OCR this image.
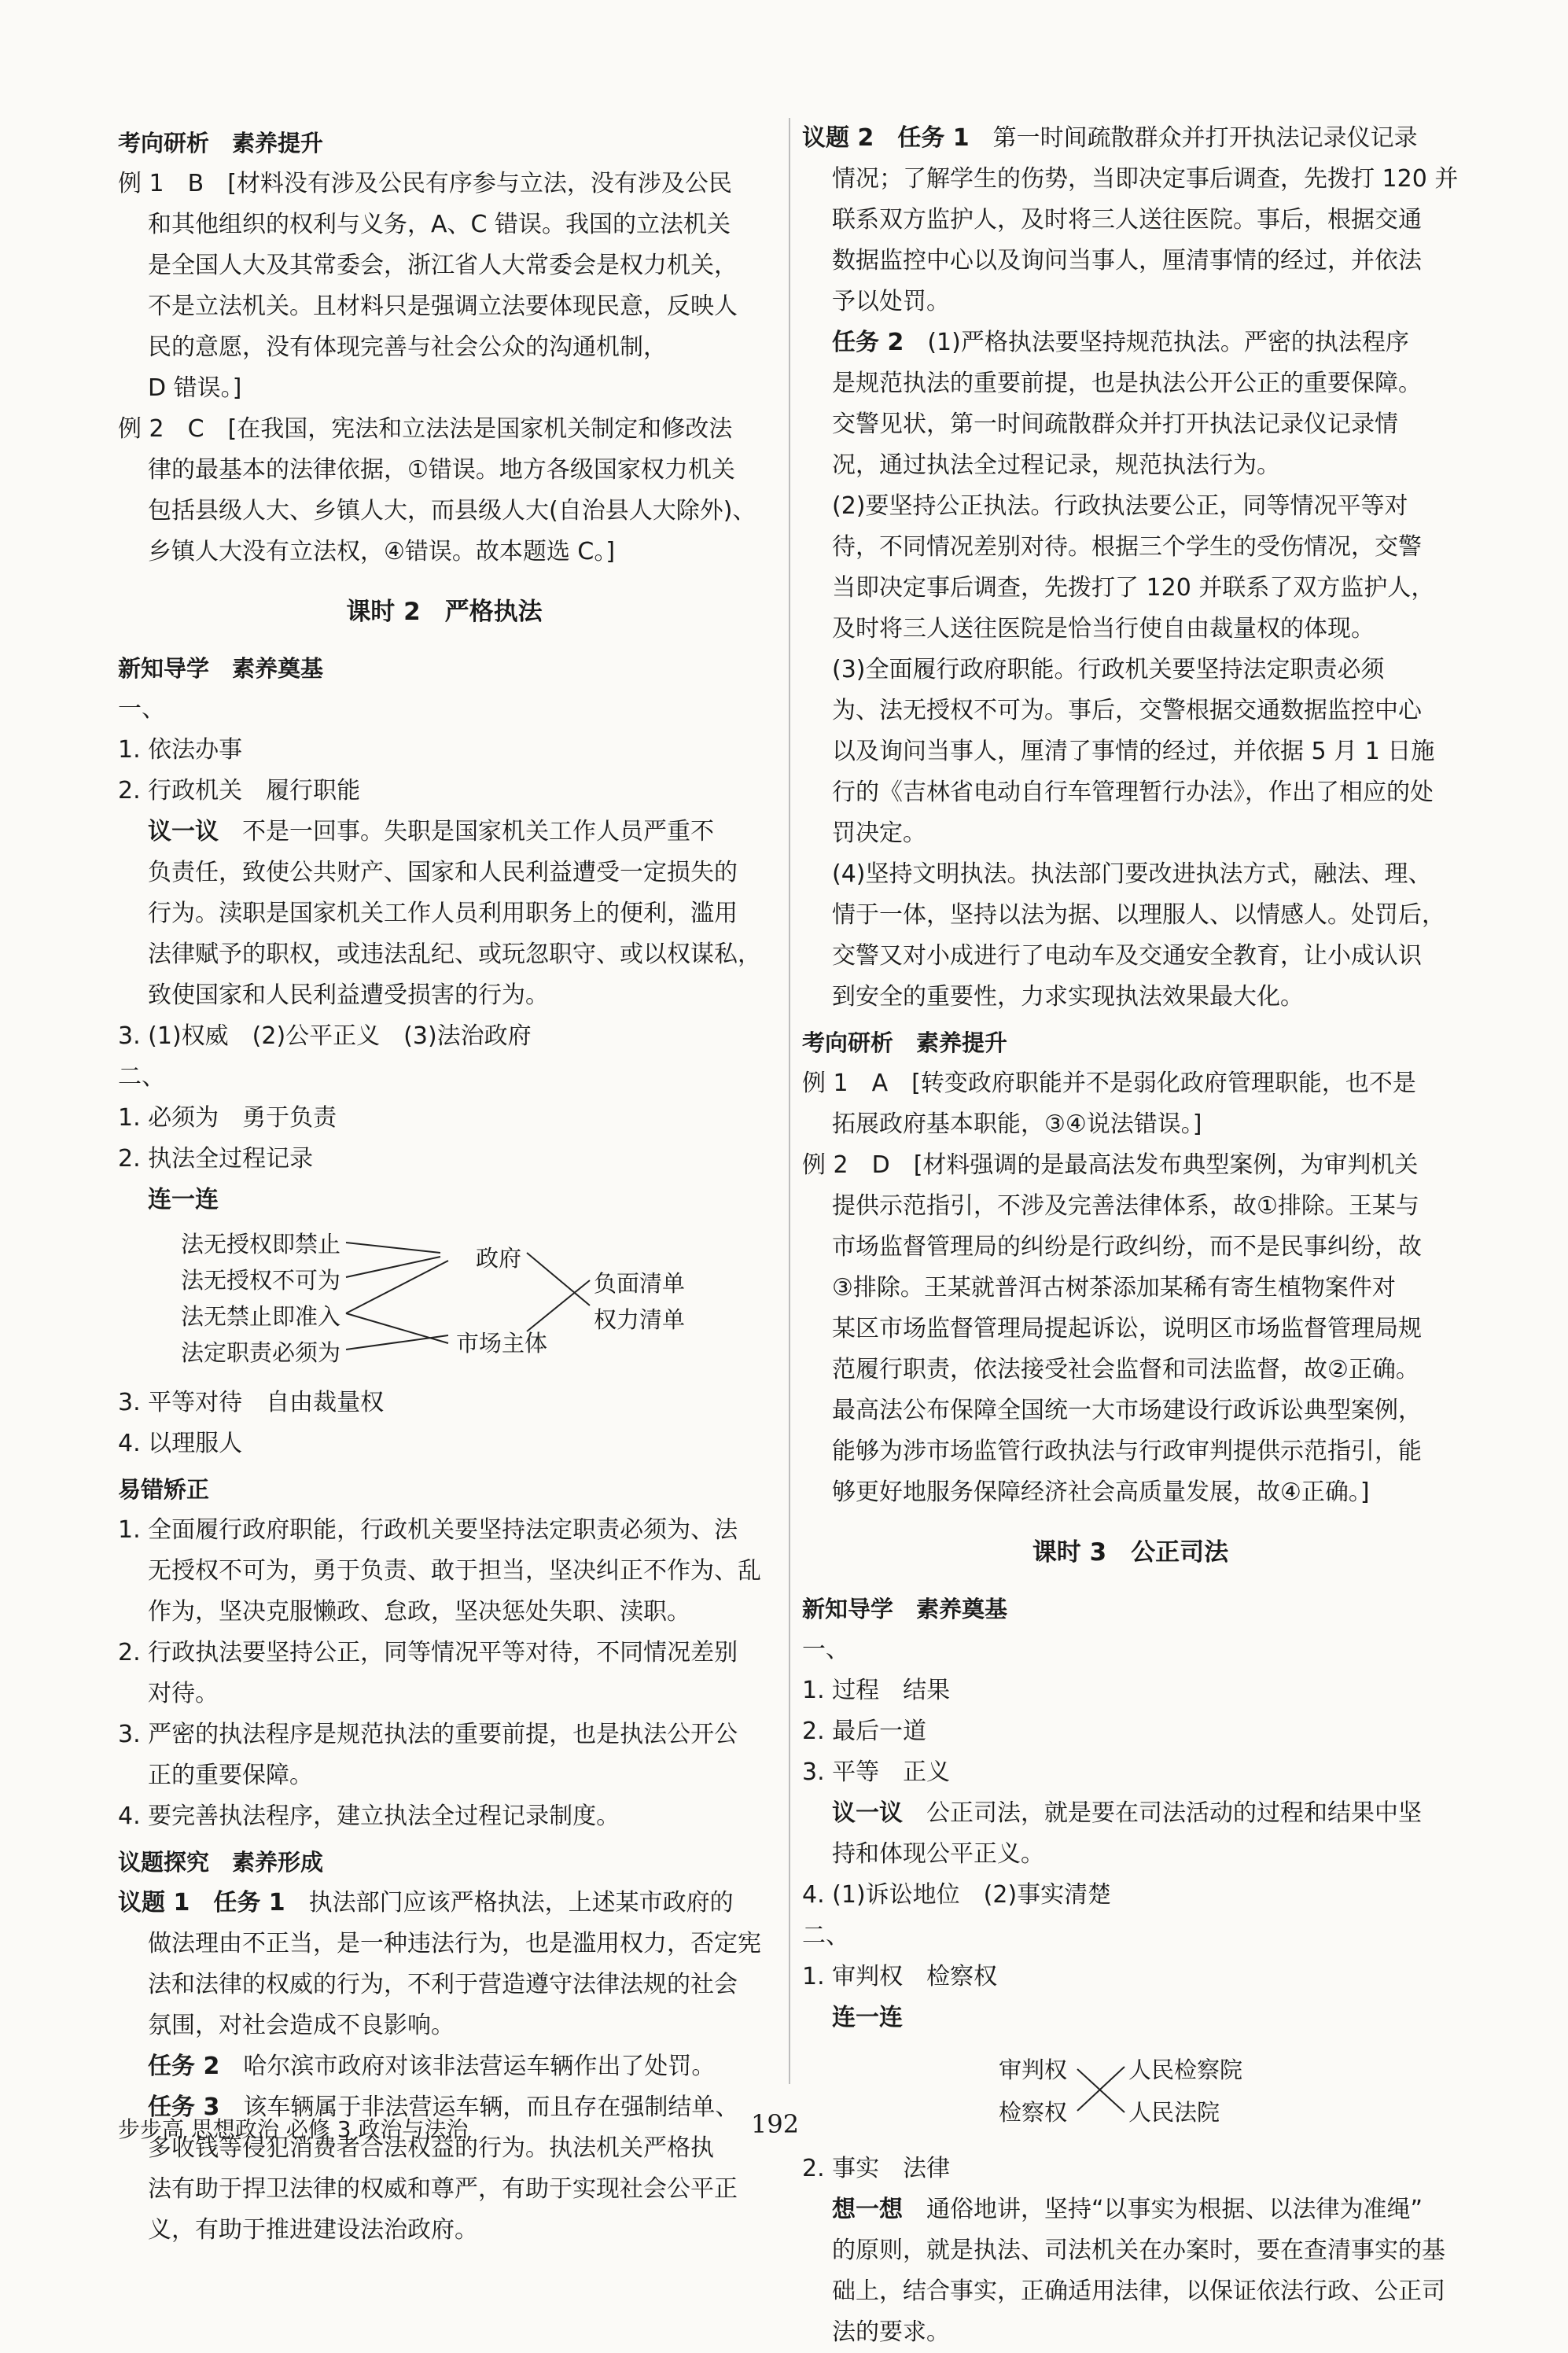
考向研析　素养提升
例 1　B　[材料没有涉及公民有序参与立法，没有涉及公民
和其他组织的权利与义务，A、C 错误。我国的立法机关
是全国人大及其常委会，浙江省人大常委会是权力机关，
不是立法机关。且材料只是强调立法要体现民意，反映人
民的意愿，没有体现完善与社会公众的沟通机制，
D 错误。]
例 2　C　[在我国，宪法和立法法是国家机关制定和修改法
律的最基本的法律依据，①错误。地方各级国家权力机关
包括县级人大、乡镇人大，而县级人大(自治县人大除外)、
乡镇人大没有立法权，④错误。故本题选 C。]
课时 2　严格执法
新知导学　素养奠基
一、
1. 依法办事
2. 行政机关　履行职能
议一议　不是一回事。失职是国家机关工作人员严重不
负责任，致使公共财产、国家和人民利益遭受一定损失的
行为。渎职是国家机关工作人员利用职务上的便利，滥用
法律赋予的职权，或违法乱纪、或玩忽职守、或以权谋私，
致使国家和人民利益遭受损害的行为。
3. (1)权威　(2)公平正义　(3)法治政府
二、
1. 必须为　勇于负责
2. 执法全过程记录
连一连
法无授权即禁止
法无授权不可为
法无禁止即准入
法定职责必须为
政府
市场主体
负面清单
权力清单
3. 平等对待　自由裁量权
4. 以理服人
易错矫正
1. 全面履行政府职能，行政机关要坚持法定职责必须为、法
无授权不可为，勇于负责、敢于担当，坚决纠正不作为、乱
作为，坚决克服懒政、怠政，坚决惩处失职、渎职。
2. 行政执法要坚持公正，同等情况平等对待，不同情况差别
对待。
3. 严密的执法程序是规范执法的重要前提，也是执法公开公
正的重要保障。
4. 要完善执法程序，建立执法全过程记录制度。
议题探究　素养形成
议题 1　任务 1　执法部门应该严格执法，上述某市政府的
做法理由不正当，是一种违法行为，也是滥用权力，否定宪
法和法律的权威的行为，不利于营造遵守法律法规的社会
氛围，对社会造成不良影响。
任务 2　哈尔滨市政府对该非法营运车辆作出了处罚。
任务 3　该车辆属于非法营运车辆，而且存在强制结单、
多收钱等侵犯消费者合法权益的行为。执法机关严格执
法有助于捍卫法律的权威和尊严，有助于实现社会公平正
义，有助于推进建设法治政府。
议题 2　任务 1　第一时间疏散群众并打开执法记录仪记录
情况；了解学生的伤势，当即决定事后调查，先拨打 120 并
联系双方监护人，及时将三人送往医院。事后，根据交通
数据监控中心以及询问当事人，厘清事情的经过，并依法
予以处罚。
任务 2　(1)严格执法要坚持规范执法。严密的执法程序
是规范执法的重要前提，也是执法公开公正的重要保障。
交警见状，第一时间疏散群众并打开执法记录仪记录情
况，通过执法全过程记录，规范执法行为。
(2)要坚持公正执法。行政执法要公正，同等情况平等对
待，不同情况差别对待。根据三个学生的受伤情况，交警
当即决定事后调查，先拨打了 120 并联系了双方监护人，
及时将三人送往医院是恰当行使自由裁量权的体现。
(3)全面履行政府职能。行政机关要坚持法定职责必须
为、法无授权不可为。事后，交警根据交通数据监控中心
以及询问当事人，厘清了事情的经过，并依据 5 月 1 日施
行的《吉林省电动自行车管理暂行办法》，作出了相应的处
罚决定。
(4)坚持文明执法。执法部门要改进执法方式，融法、理、
情于一体，坚持以法为据、以理服人、以情感人。处罚后，
交警又对小成进行了电动车及交通安全教育，让小成认识
到安全的重要性，力求实现执法效果最大化。
考向研析　素养提升
例 1　A　[转变政府职能并不是弱化政府管理职能，也不是
拓展政府基本职能，③④说法错误。]
例 2　D　[材料强调的是最高法发布典型案例，为审判机关
提供示范指引，不涉及完善法律体系，故①排除。王某与
市场监督管理局的纠纷是行政纠纷，而不是民事纠纷，故
③排除。王某就普洱古树茶添加某稀有寄生植物案件对
某区市场监督管理局提起诉讼，说明区市场监督管理局规
范履行职责，依法接受社会监督和司法监督，故②正确。
最高法公布保障全国统一大市场建设行政诉讼典型案例，
能够为涉市场监管行政执法与行政审判提供示范指引，能
够更好地服务保障经济社会高质量发展，故④正确。]
课时 3　公正司法
新知导学　素养奠基
一、
1. 过程　结果
2. 最后一道
3. 平等　正义
议一议　公正司法，就是要在司法活动的过程和结果中坚
持和体现公平正义。
4. (1)诉讼地位　(2)事实清楚
二、
1. 审判权　检察权
连一连
审判权
检察权
人民检察院
人民法院
2. 事实　法律
想一想　通俗地讲，坚持“以事实为根据、以法律为准绳”
的原则，就是执法、司法机关在办案时，要在查清事实的基
础上，结合事实，正确适用法律，以保证依法行政、公正司
法的要求。
步步高 思想政治 必修 3 政治与法治	192
